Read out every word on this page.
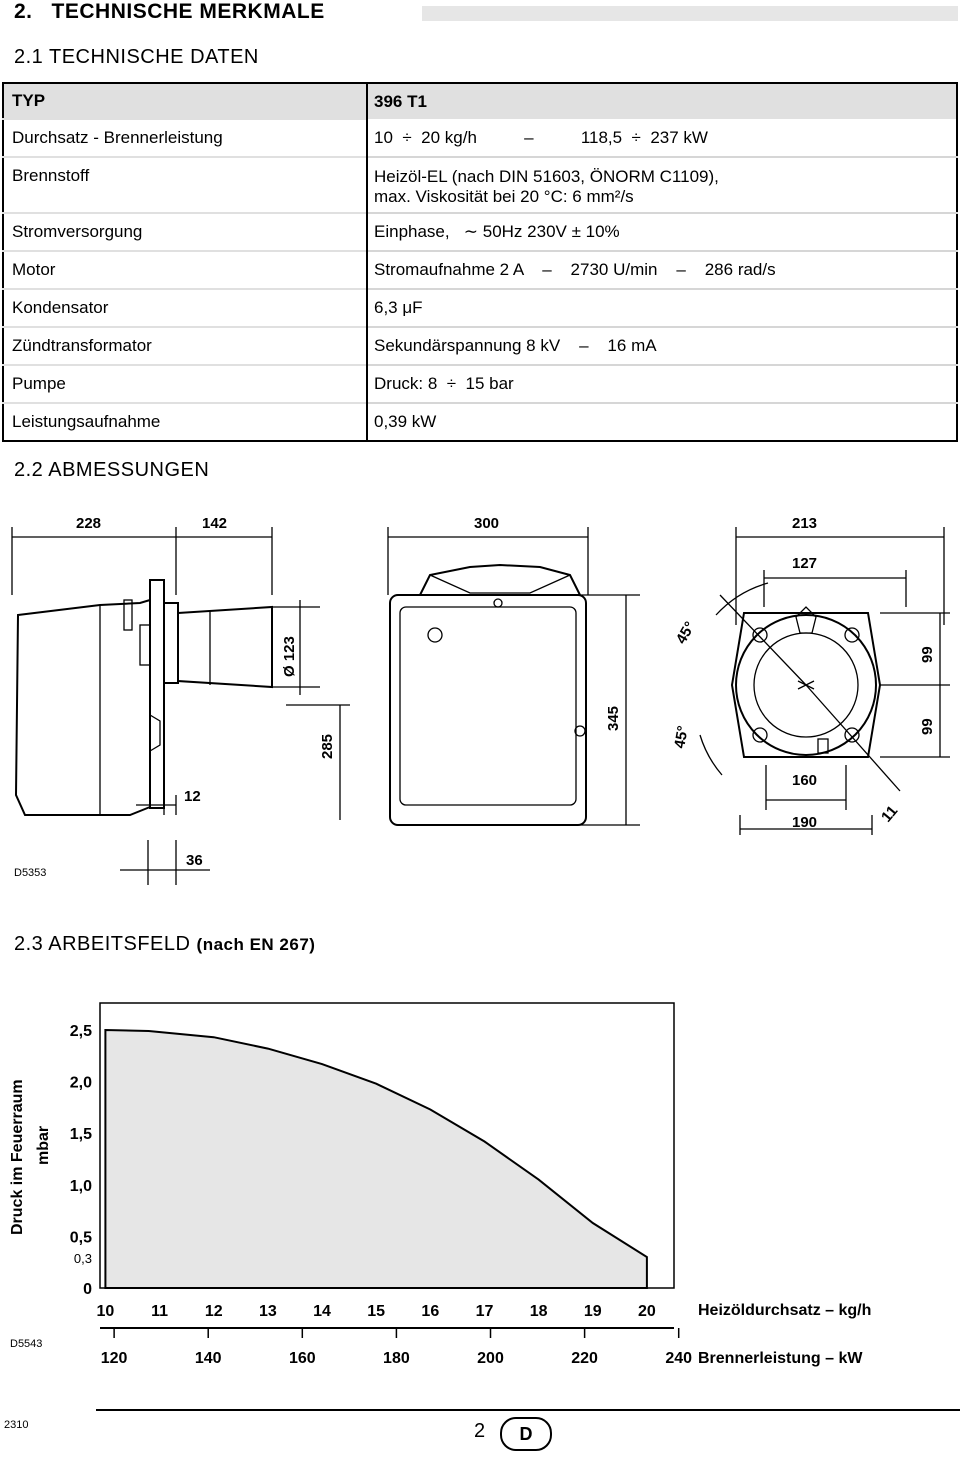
2. TECHNISCHE MERKMALE
2.1 TECHNISCHE DATEN
TYP	396 T1
Durchsatz - Brennerleistung	10  ÷  20 kg/h          –          118,5  ÷  237 kW
Brennstoff	Heizöl-EL (nach DIN 51603, ÖNORM C1109),
max. Viskosität bei 20 °C: 6 mm²/s

Stromversorgung	Einphase,   ∼ 50Hz 230V ± 10%
Motor	Stromaufnahme 2 A    –    2730 U/min    –    286 rad/s
Kondensator	6,3 μF
Zündtransformator	Sekundärspannung 8 kV    –    16 mA
Pumpe	Druck: 8  ÷  15 bar
Leistungsaufnahme	0,39 kW
2.2 ABMESSUNGEN
228	142	300	213
127
Ø 123
285
345
45°
45°
99
99
12
160
190	11
36
D5353
2.3 ARBEITSFELD (nach EN 267)
2,5
2,0
1,5
1,0
0,5
0,3
0
10 11 12 13 14 15 16 17 18 19 20
120	140	160	180	200	220	240
Druck im Feuerraum mbar
Heizöldurchsatz – kg/h
Brennerleistung – kW
D5543
2310	2	D
